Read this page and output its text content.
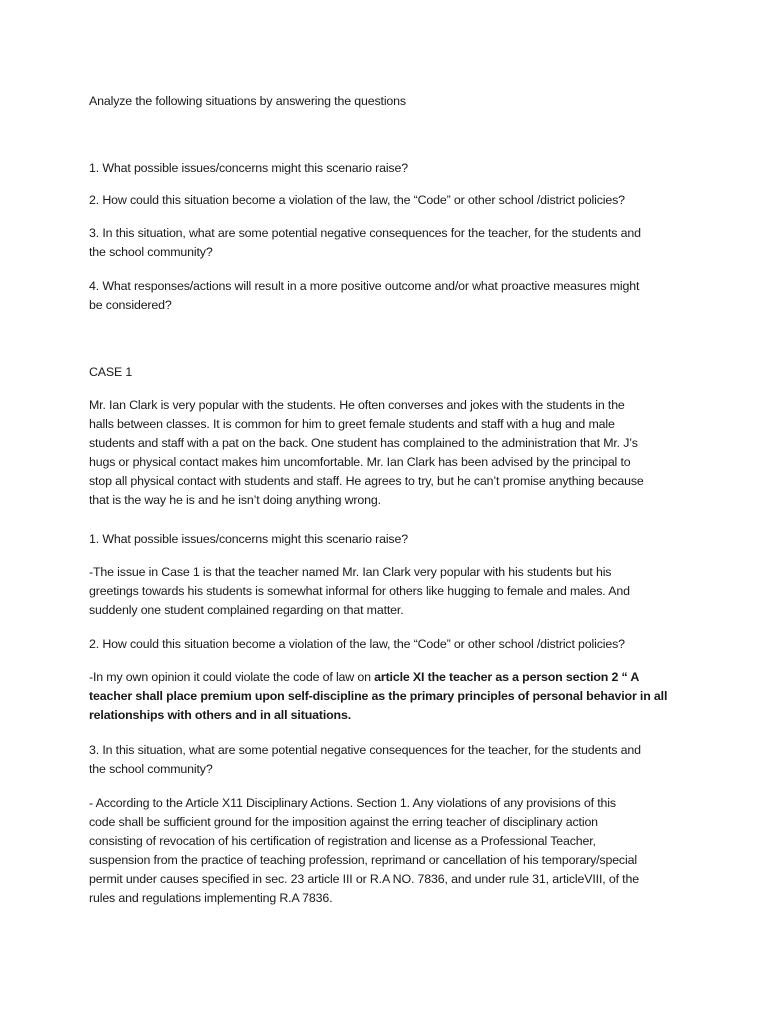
Analyze the following situations by answering the questions
1. What possible issues/concerns might this scenario raise?
2. How could this situation become a violation of the law, the “Code” or other school /district policies?
3. In this situation, what are some potential negative consequences for the teacher, for the students and
the school community?
4. What responses/actions will result in a more positive outcome and/or what proactive measures might
be considered?
CASE 1
Mr. Ian Clark is very popular with the students. He often converses and jokes with the students in the
halls between classes. It is common for him to greet female students and staff with a hug and male
students and staff with a pat on the back. One student has complained to the administration that Mr. J’s
hugs or physical contact makes him uncomfortable. Mr. Ian Clark has been advised by the principal to
stop all physical contact with students and staff. He agrees to try, but he can’t promise anything because
that is the way he is and he isn’t doing anything wrong.
1. What possible issues/concerns might this scenario raise?
-The issue in Case 1 is that the teacher named Mr. Ian Clark very popular with his students but his
greetings towards his students is somewhat informal for others like hugging to female and males. And
suddenly one student complained regarding on that matter.
2. How could this situation become a violation of the law, the “Code” or other school /district policies?
-In my own opinion it could violate the code of law on article XI the teacher as a person section 2 “ A
teacher shall place premium upon self-discipline as the primary principles of personal behavior in all relationships with others and in all situations.
3. In this situation, what are some potential negative consequences for the teacher, for the students and
the school community?
- According to the Article X11 Disciplinary Actions. Section 1. Any violations of any provisions of this
code shall be sufficient ground for the imposition against the erring teacher of disciplinary action
consisting of revocation of his certification of registration and license as a Professional Teacher,
suspension from the practice of teaching profession, reprimand or cancellation of his temporary/special
permit under causes specified in sec. 23 article III or R.A NO. 7836, and under rule 31, articleVIII, of the
rules and regulations implementing R.A 7836.
